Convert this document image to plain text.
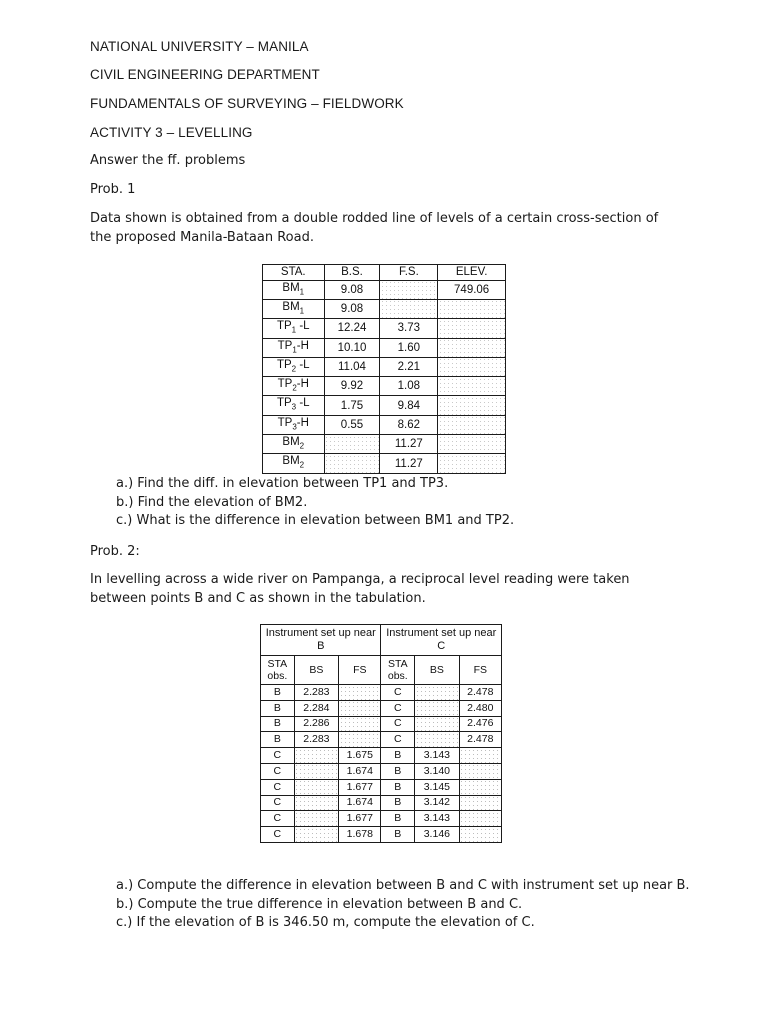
NATIONAL UNIVERSITY – MANILA
CIVIL ENGINEERING DEPARTMENT
FUNDAMENTALS OF SURVEYING – FIELDWORK
ACTIVITY 3 – LEVELLING
Answer the ff. problems
Prob. 1
Data shown is obtained from a double rodded line of levels of a certain cross-section of the proposed Manila-Bataan Road.
STA.	B.S.	F.S.	ELEV.
$BM_1$	9.08		749.06
$BM_1$	9.08		
$TP_1$ -L	12.24	3.73	
$TP_1-H$	10.10	1.60	
$TP_2$ -L	11.04	2.21	
$TP_2-H$	9.92	1.08	
$TP_3$ -L	1.75	9.84	
$TP_3-H$	0.55	8.62	
$BM_2$		11.27	
$BM_2$		11.27	
a.) Find the diff. in elevation between TP1 and TP3.
b.) Find the elevation of BM2.
c.) What is the difference in elevation between BM1 and TP2.
Prob. 2:
In levelling across a wide river on Pampanga, a reciprocal level reading were taken between points B and C as shown in the tabulation.
Instrument set up near B			Instrument set up near C		
STA obs.	BS	FS	STA obs.	BS	FS
B	2.283		C		2.478
B	2.284		C		2.480
B	2.286		C		2.476
B	2.283		C		2.478
C		1.675	B	3.143	
C		1.674	B	3.140	
C		1.677	B	3.145	
C		1.674	B	3.142	
C		1.677	B	3.143	
C		1.678	B	3.146	
a.) Compute the difference in elevation between B and C with instrument set up near B.
b.) Compute the true difference in elevation between B and C.
c.) If the elevation of B is 346.50 m, compute the elevation of C.
